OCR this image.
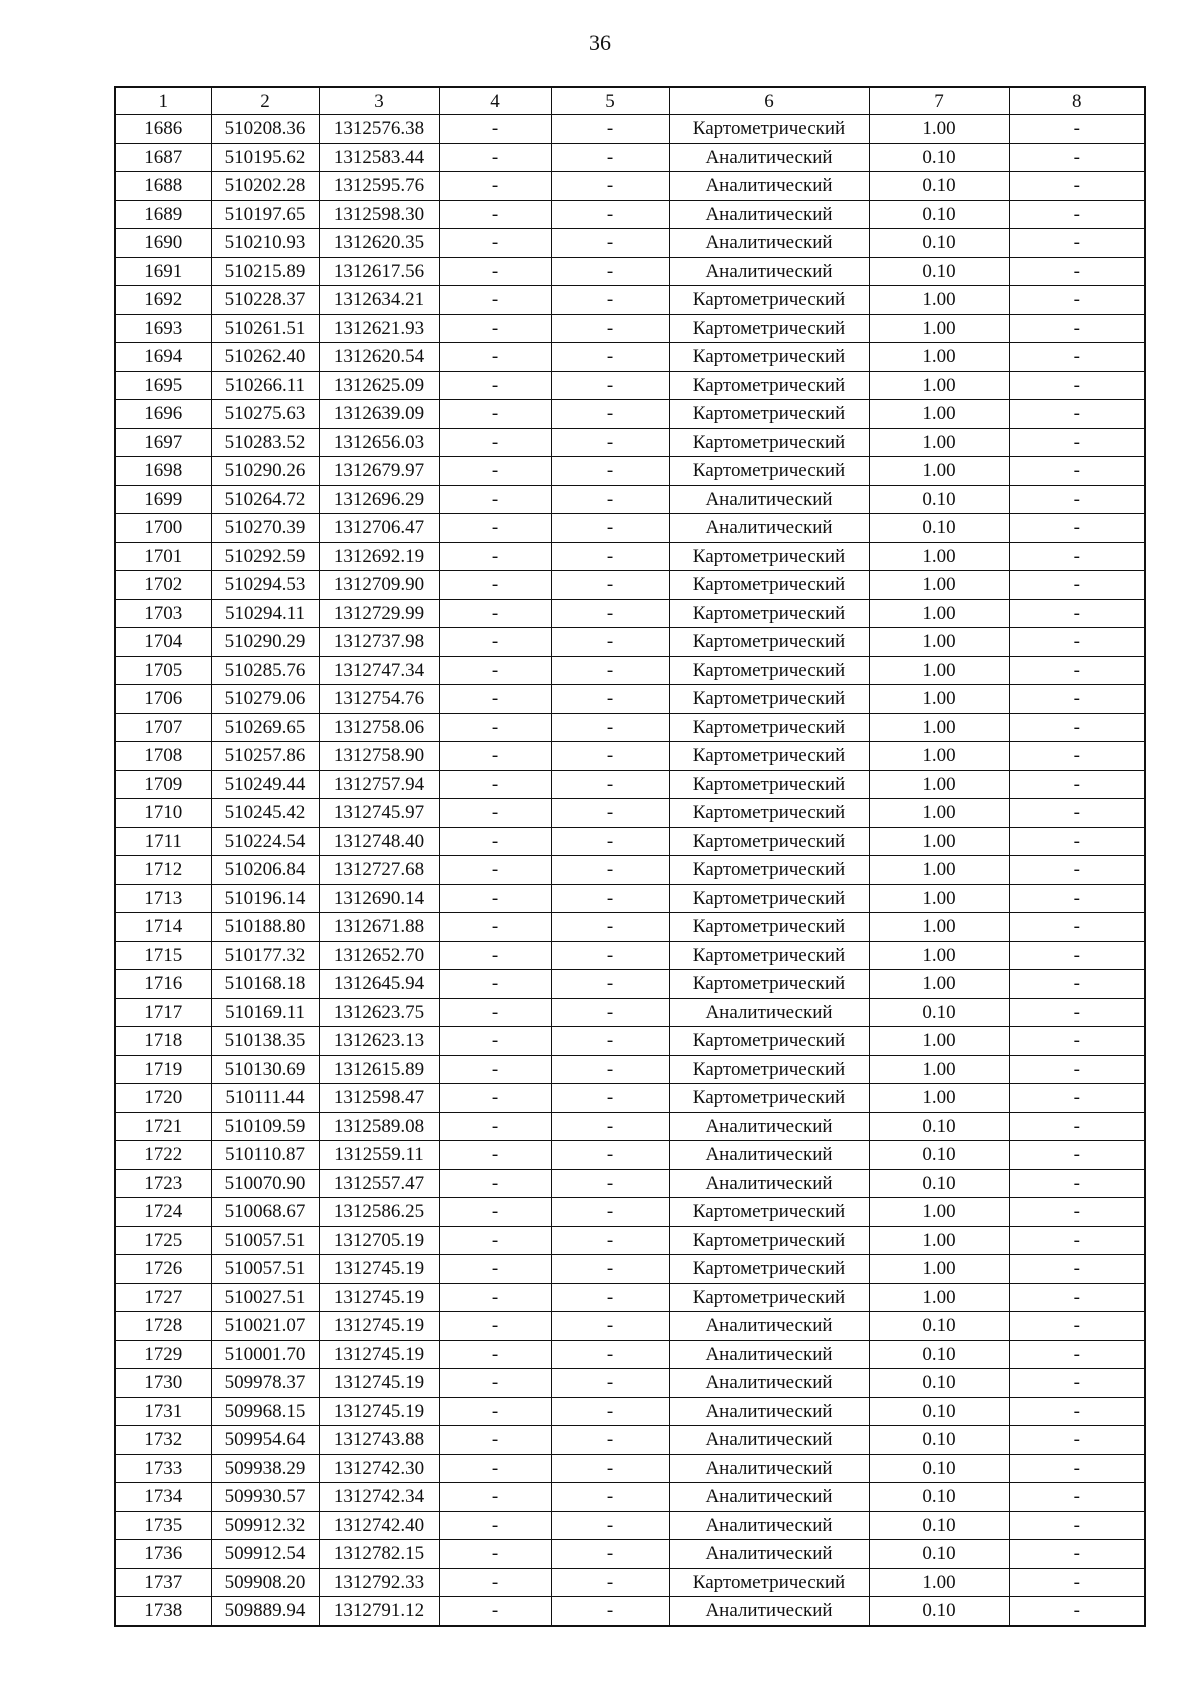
36
1	2	3	4	5	6	7	8
1686	510208.36	1312576.38	-	-	Картометрический	1.00	-
1687	510195.62	1312583.44	-	-	Аналитический	0.10	-
1688	510202.28	1312595.76	-	-	Аналитический	0.10	-
1689	510197.65	1312598.30	-	-	Аналитический	0.10	-
1690	510210.93	1312620.35	-	-	Аналитический	0.10	-
1691	510215.89	1312617.56	-	-	Аналитический	0.10	-
1692	510228.37	1312634.21	-	-	Картометрический	1.00	-
1693	510261.51	1312621.93	-	-	Картометрический	1.00	-
1694	510262.40	1312620.54	-	-	Картометрический	1.00	-
1695	510266.11	1312625.09	-	-	Картометрический	1.00	-
1696	510275.63	1312639.09	-	-	Картометрический	1.00	-
1697	510283.52	1312656.03	-	-	Картометрический	1.00	-
1698	510290.26	1312679.97	-	-	Картометрический	1.00	-
1699	510264.72	1312696.29	-	-	Аналитический	0.10	-
1700	510270.39	1312706.47	-	-	Аналитический	0.10	-
1701	510292.59	1312692.19	-	-	Картометрический	1.00	-
1702	510294.53	1312709.90	-	-	Картометрический	1.00	-
1703	510294.11	1312729.99	-	-	Картометрический	1.00	-
1704	510290.29	1312737.98	-	-	Картометрический	1.00	-
1705	510285.76	1312747.34	-	-	Картометрический	1.00	-
1706	510279.06	1312754.76	-	-	Картометрический	1.00	-
1707	510269.65	1312758.06	-	-	Картометрический	1.00	-
1708	510257.86	1312758.90	-	-	Картометрический	1.00	-
1709	510249.44	1312757.94	-	-	Картометрический	1.00	-
1710	510245.42	1312745.97	-	-	Картометрический	1.00	-
1711	510224.54	1312748.40	-	-	Картометрический	1.00	-
1712	510206.84	1312727.68	-	-	Картометрический	1.00	-
1713	510196.14	1312690.14	-	-	Картометрический	1.00	-
1714	510188.80	1312671.88	-	-	Картометрический	1.00	-
1715	510177.32	1312652.70	-	-	Картометрический	1.00	-
1716	510168.18	1312645.94	-	-	Картометрический	1.00	-
1717	510169.11	1312623.75	-	-	Аналитический	0.10	-
1718	510138.35	1312623.13	-	-	Картометрический	1.00	-
1719	510130.69	1312615.89	-	-	Картометрический	1.00	-
1720	510111.44	1312598.47	-	-	Картометрический	1.00	-
1721	510109.59	1312589.08	-	-	Аналитический	0.10	-
1722	510110.87	1312559.11	-	-	Аналитический	0.10	-
1723	510070.90	1312557.47	-	-	Аналитический	0.10	-
1724	510068.67	1312586.25	-	-	Картометрический	1.00	-
1725	510057.51	1312705.19	-	-	Картометрический	1.00	-
1726	510057.51	1312745.19	-	-	Картометрический	1.00	-
1727	510027.51	1312745.19	-	-	Картометрический	1.00	-
1728	510021.07	1312745.19	-	-	Аналитический	0.10	-
1729	510001.70	1312745.19	-	-	Аналитический	0.10	-
1730	509978.37	1312745.19	-	-	Аналитический	0.10	-
1731	509968.15	1312745.19	-	-	Аналитический	0.10	-
1732	509954.64	1312743.88	-	-	Аналитический	0.10	-
1733	509938.29	1312742.30	-	-	Аналитический	0.10	-
1734	509930.57	1312742.34	-	-	Аналитический	0.10	-
1735	509912.32	1312742.40	-	-	Аналитический	0.10	-
1736	509912.54	1312782.15	-	-	Аналитический	0.10	-
1737	509908.20	1312792.33	-	-	Картометрический	1.00	-
1738	509889.94	1312791.12	-	-	Аналитический	0.10	-
